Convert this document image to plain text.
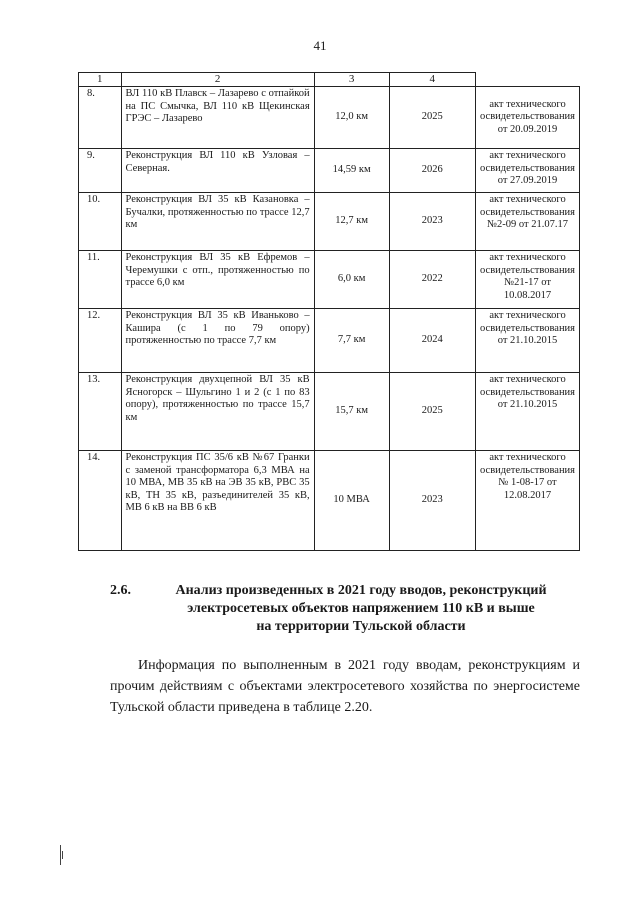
41
1	2	3	4	
8.	ВЛ 110 кВ Плавск – Лазарево с отпайкой на ПС Смычка, ВЛ 110 кВ Щекинская ГРЭС – Лазарево	12,0 км	2025	акт технического освидетельствования от 20.09.2019
9.	Реконструкция ВЛ 110 кВ Узловая – Северная.	14,59 км	2026	акт технического освидетельствования от 27.09.2019
10.	Реконструкция ВЛ 35 кВ Казановка – Бучалки, протяженностью по трассе 12,7 км	12,7 км	2023	акт технического освидетельствования №2-09 от 21.07.17
11.	Реконструкция ВЛ 35 кВ Ефремов – Черемушки с отп., протяженностью по трассе 6,0 км	6,0 км	2022	акт технического освидетельствования №21-17 от 10.08.2017
12.	Реконструкция ВЛ 35 кВ Иваньково – Кашира (с 1 по 79 опору) протяженностью по трассе 7,7 км	7,7 км	2024	акт технического освидетельствования от 21.10.2015
13.	Реконструкция двухцепной ВЛ 35 кВ Ясногорск – Шульгино 1 и 2 (с 1 по 83 опору), протяженностью по трассе 15,7 км	15,7 км	2025	акт технического освидетельствования от 21.10.2015
14.	Реконструкция ПС 35/6 кВ №67 Гранки с заменой трансформатора 6,3 МВА на 10 МВА, МВ 35 кВ на ЭВ 35 кВ, РВС 35 кВ, ТН 35 кВ, разъединителей 35 кВ, МВ 6 кВ на ВВ 6 кВ	10 МВА	2023	акт технического освидетельствования № 1-08-17 от 12.08.2017
2.6.	Анализ произведенных в 2021 году вводов, реконструкций
электросетевых объектов напряжением 110 кВ и выше
на территории Тульской области
Информация по выполненным в 2021 году вводам, реконструкциям и прочим действиям с объектами электросетевого хозяйства по энергосистеме Тульской области приведена в таблице 2.20.
